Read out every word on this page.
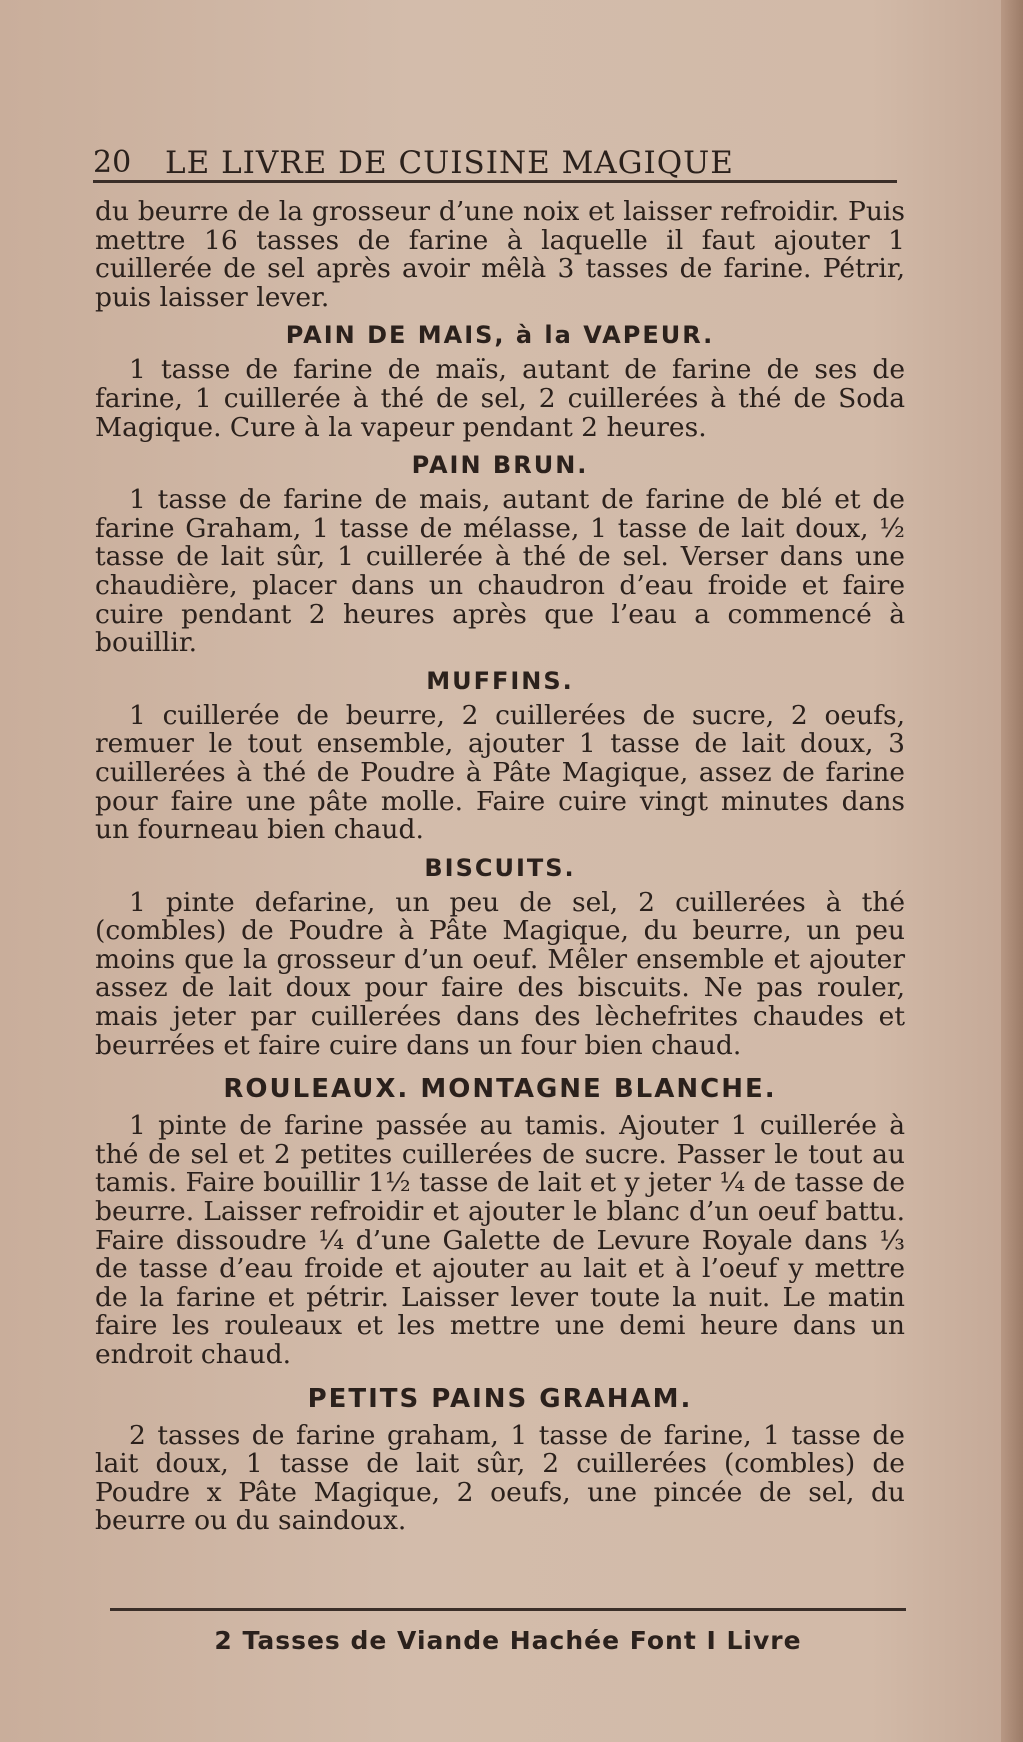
20	LE LIVRE DE CUISINE MAGIQUE

du beurre de la grosseur d’une noix et laisser refroidir. Puis mettre 16 tasses de farine à laquelle il faut ajouter 1 cuillerée de sel après avoir mêlà 3 tasses de farine. Pétrir, puis laisser lever.

PAIN DE MAIS, à la VAPEUR.

1 tasse de farine de maïs, autant de farine de ses de farine, 1 cuillerée à thé de sel, 2 cuillerées à thé de Soda Magique. Cure à la vapeur pendant 2 heures.

PAIN BRUN.

1 tasse de farine de mais, autant de farine de blé et de farine Graham, 1 tasse de mélasse, 1 tasse de lait doux, ½ tasse de lait sûr, 1 cuillerée à thé de sel. Verser dans une chaudière, placer dans un chaudron d’eau froide et faire cuire pendant 2 heures après que l’eau a commencé à bouillir.

MUFFINS.

1 cuillerée de beurre, 2 cuillerées de sucre, 2 oeufs, remuer le tout ensemble, ajouter 1 tasse de lait doux, 3 cuillerées à thé de Poudre à Pâte Magique, assez de farine pour faire une pâte molle. Faire cuire vingt minutes dans un fourneau bien chaud.

BISCUITS.

1 pinte defarine, un peu de sel, 2 cuillerées à thé (combles) de Poudre à Pâte Magique, du beurre, un peu moins que la grosseur d’un oeuf. Mêler ensemble et ajouter assez de lait doux pour faire des biscuits. Ne pas rouler, mais jeter par cuillerées dans des lèchefrites chaudes et beurrées et faire cuire dans un four bien chaud.

ROULEAUX. MONTAGNE BLANCHE.

1 pinte de farine passée au tamis. Ajouter 1 cuillerée à thé de sel et 2 petites cuillerées de sucre. Passer le tout au tamis. Faire bouillir 1½ tasse de lait et y jeter ¼ de tasse de beurre. Laisser refroidir et ajouter le blanc d’un oeuf battu. Faire dissoudre ¼ d’une Galette de Levure Royale dans ⅓ de tasse d’eau froide et ajouter au lait et à l’oeuf y mettre de la farine et pétrir. Laisser lever toute la nuit. Le matin faire les rouleaux et les mettre une demi heure dans un endroit chaud.

PETITS PAINS GRAHAM.

2 tasses de farine graham, 1 tasse de farine, 1 tasse de lait doux, 1 tasse de lait sûr, 2 cuillerées (combles) de Poudre x Pâte Magique, 2 oeufs, une pincée de sel, du beurre ou du saindoux.

2 Tasses de Viande Hachée Font I Livre
